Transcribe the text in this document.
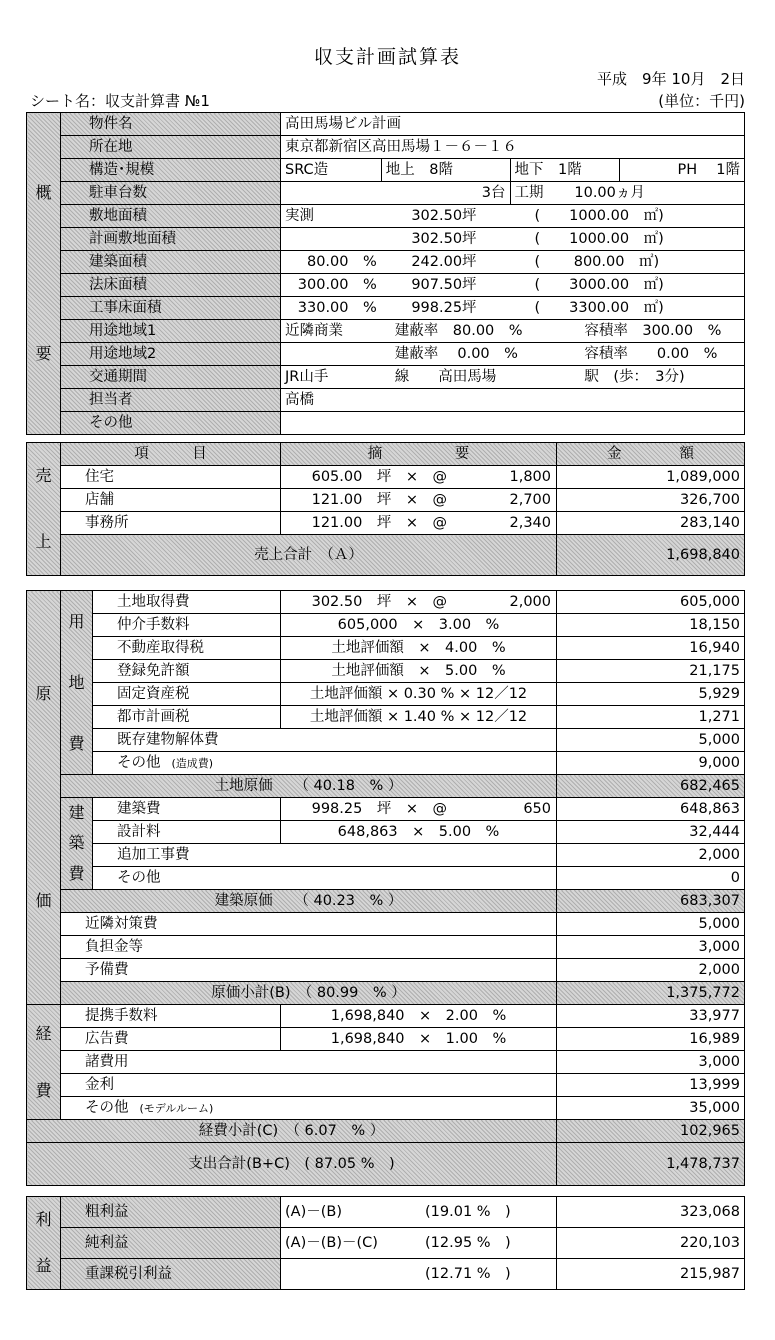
収支計画試算表
平成　9年 10月　2日
シート名：収支計算書 №1	(単位：千円)
概
要	物件名	高田馬場ビル計画
	所在地	東京都新宿区高田馬場１－６－１６
	構造･規模	SRC造 地上　8階 地下　1階 PH　 1階

	駐車台数	3台 工期 10.00ヵ月

	敷地面積	実測 302.50坪 (　　1000.00　㎡)

	計画敷地面積	302.50坪 (　　1000.00　㎡)

	建築面積	80.00　% 242.00坪 (　　 800.00　㎡)

	法床面積	300.00　% 907.50坪 (　　3000.00　㎡)

	工事床面積	330.00　% 998.25坪 (　　3300.00　㎡)

	用途地域1	近隣商業 建蔽率　80.00　% 容積率　300.00　%

	用途地域2	建蔽率　 0.00　% 容積率　　0.00　%

	交通期間	JR山手 線　　高田馬場 駅　(歩：　3分)

	担当者	高橋
	その他	
売
上	項　　　目	摘　　　　　要	金　　　　額
	住宅	605.00　坪　×　@ 1,800	1,089,000
	店舗	121.00　坪　×　@ 2,700	326,700
	事務所	121.00　坪　×　@ 2,340	283,140
	売上合計　（Ａ）		1,698,840
原
価	用
地
費	土地取得費	302.50　坪　×　@ 2,000	605,000
		仲介手数料	605,000　×　3.00　%	18,150
		不動産取得税	土地評価額　×　4.00　%	16,940
		登録免許額	土地評価額　×　5.00　%	21,175
		固定資産税	土地評価額 × 0.30 % × 12／12	5,929
		都市計画税	土地評価額 × 1.40 % × 12／12	1,271
		既存建物解体費		5,000
		その他　(造成費)		9,000
	土地原価　　（ 40.18　% ）			682,465

	建
築
費	建築費	998.25　坪　×　@ 650	648,863
		設計料	648,863　×　5.00　%	32,444
		追加工事費		2,000
		その他		0
	建築原価　　（ 40.23　% ）			683,307
	近隣対策費			5,000
	負担金等			3,000
	予備費			2,000
	原価小計(B)　（ 80.99　% ）			1,375,772

経
費	提携手数料		1,698,840　×　2.00　%	33,977
	広告費		1,698,840　×　1.00　%	16,989
	諸費用			3,000
	金利			13,999
	その他　(モデルルーム)			35,000
経費小計(C)　（ 6.07　% ）				102,965
支出合計(B+C)　( 87.05 %　)				1,478,737
利
益	粗利益	(A)－(B) (19.01 %　)	323,068
	純利益	(A)－(B)－(C) (12.95 %　)	220,103
	重課税引利益	(12.71 %　)	215,987
